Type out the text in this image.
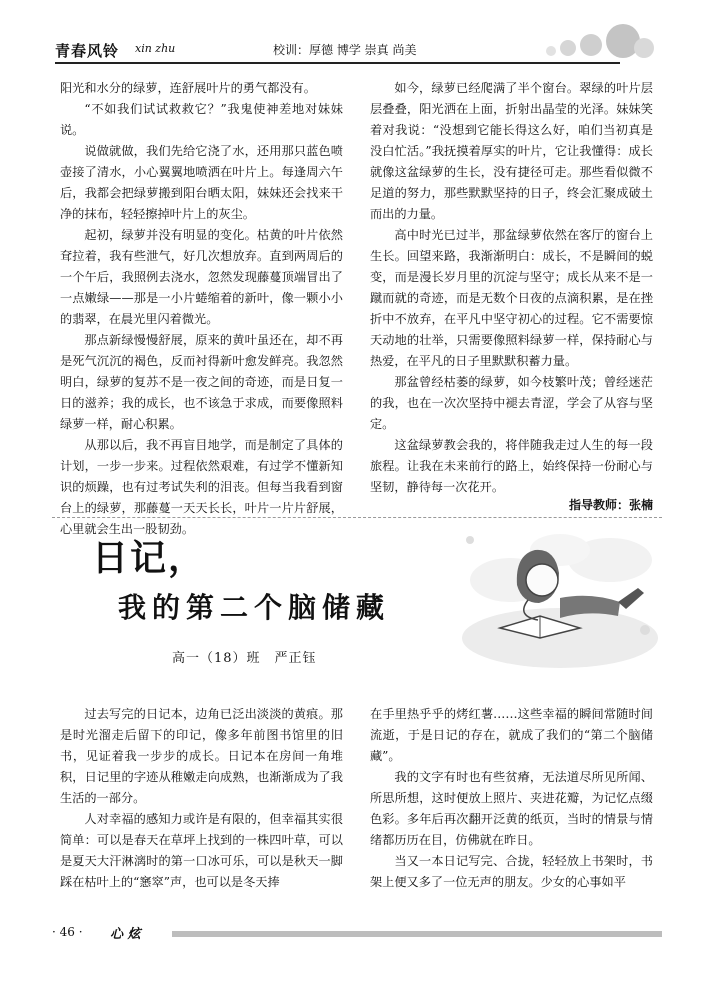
青春风铃 xin zhu	校训：厚德 博学 崇真 尚美

阳光和水分的绿萝，连舒展叶片的勇气都没有。

“不如我们试试救救它？”我鬼使神差地对妹妹说。

说做就做，我们先给它浇了水，还用那只蓝色喷壶接了清水，小心翼翼地喷洒在叶片上。每逢周六午后，我都会把绿萝搬到阳台晒太阳，妹妹还会找来干净的抹布，轻轻擦掉叶片上的灰尘。

起初，绿萝并没有明显的变化。枯黄的叶片依然耷拉着，我有些泄气，好几次想放弃。直到两周后的一个午后，我照例去浇水，忽然发现藤蔓顶端冒出了一点嫩绿——那是一小片蜷缩着的新叶，像一颗小小的翡翠，在晨光里闪着微光。

那点新绿慢慢舒展，原来的黄叶虽还在，却不再是死气沉沉的褐色，反而衬得新叶愈发鲜亮。我忽然明白，绿萝的复苏不是一夜之间的奇迹，而是日复一日的滋养；我的成长，也不该急于求成，而要像照料绿萝一样，耐心积累。

从那以后，我不再盲目地学，而是制定了具体的计划，一步一步来。过程依然艰难，有过学不懂新知识的烦躁，也有过考试失利的泪丧。但每当我看到窗台上的绿萝，那藤蔓一天天长长，叶片一片片舒展，心里就会生出一股韧劲。

如今，绿萝已经爬满了半个窗台。翠绿的叶片层层叠叠，阳光洒在上面，折射出晶莹的光泽。妹妹笑着对我说：“没想到它能长得这么好，咱们当初真是没白忙活。”我抚摸着厚实的叶片，它让我懂得：成长就像这盆绿萝的生长，没有捷径可走。那些看似微不足道的努力，那些默默坚持的日子，终会汇聚成破土而出的力量。

高中时光已过半，那盆绿萝依然在客厅的窗台上生长。回望来路，我渐渐明白：成长，不是瞬间的蜕变，而是漫长岁月里的沉淀与坚守；成长从来不是一蹴而就的奇迹，而是无数个日夜的点滴积累，是在挫折中不放弃，在平凡中坚守初心的过程。它不需要惊天动地的壮举，只需要像照料绿萝一样，保持耐心与热爱，在平凡的日子里默默积蓄力量。

那盆曾经枯萎的绿萝，如今枝繁叶茂；曾经迷茫的我，也在一次次坚持中褪去青涩，学会了从容与坚定。

这盆绿萝教会我的，将伴随我走过人生的每一段旅程。让我在未来前行的路上，始终保持一份耐心与坚韧，静待每一次花开。

指导教师：张楠
日记，
我的第二个脑储藏
高一（18）班　严正钰

过去写完的日记本，边角已泛出淡淡的黄痕。那是时光溜走后留下的印记，像多年前图书馆里的旧书，见证着我一步步的成长。日记本在房间一角堆积，日记里的字迹从稚嫩走向成熟，也渐渐成为了我生活的一部分。

人对幸福的感知力或许是有限的，但幸福其实很简单：可以是春天在草坪上找到的一株四叶草，可以是夏天大汗淋漓时的第一口冰可乐，可以是秋天一脚踩在枯叶上的“窸窣”声，也可以是冬天捧

在手里热乎乎的烤红薯……这些幸福的瞬间常随时间流逝，于是日记的存在，就成了我们的“第二个脑储藏”。

我的文字有时也有些贫瘠，无法道尽所见所闻、所思所想，这时便放上照片、夹进花瓣，为记忆点缀色彩。多年后再次翻开泛黄的纸页，当时的情景与情绪都历历在目，仿佛就在昨日。

当又一本日记写完、合拢，轻轻放上书架时，书架上便又多了一位无声的朋友。少女的心事如平

· 46 · 心 炫
